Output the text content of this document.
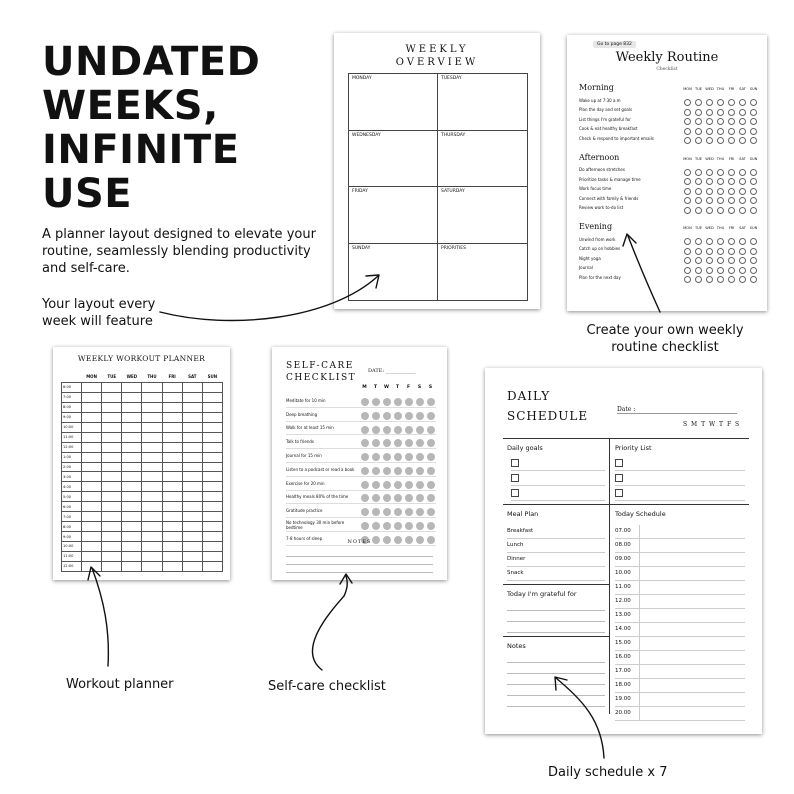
UNDATED
WEEKS,
INFINITE
USE
A planner layout designed to elevate your routine, seamlessly blending productivity and self-care.
Your layout every week will feature
Create your own weekly routine checklist
Workout planner	Self-care checklist
Daily schedule x 7
WEEKLY
OVERVIEW
MONDAY	TUESDAY
WEDNESDAY	THURSDAY
FRIDAY	SATURDAY
SUNDAY	PRIORITIES
Go to page 832
Weekly Routine
Checklist
Morning	MON TUE WED THU	FRI	SAT	SUN
Wake up at 7:30 a.m
Plan the day and set goals
List things I'm grateful for
Cook & eat healthy breakfast
Check & respond to important emails
Afternoon	MON TUE WED THU	FRI	SAT	SUN
Do afternoon stretches
Prioritize tasks & manage time
Work focus time
Connect with family & friends
Review work to-do list
Evening	MON TUE WED THU	FRI	SAT	SUN
Unwind from work
Catch up on hobbies
Night yoga
Journal
Plan for the next day
WEEKLY WORKOUT PLANNER
	MON	TUE	WED	THU	FRI	SAT	SUN
6:00							
7:00							
8:00							
9:00							
10:00							
11:00							
12:00							
1:00							
2:00							
3:00							
4:00							
5:00							
6:00							
7:00							
8:00							
9:00							
10:00							
11:00							
12:00							
SELF-CARE
CHECKLIST
DATE: ____________
M	T	W	T	F	S	S
Meditate for 10 min
Deep breathing
Walk for at least 15 min
Talk to friends
Journal for 15 min
Listen to a podcast or read a book
Exercise for 20 min
Healthy meals 80% of the time
Gratitude practice
No technology 30 min before bedtime
7-8 hours of sleep
NOTES
DAILY
SCHEDULE	Date :
S M T W T F S
Daily goals	Priority List
Meal Plan
Breakfast
Lunch
Dinner
Snack
Today I'm grateful for
Notes
Today Schedule
07.00
08.00
09.00
10.00
11.00
12.00
13.00
14.00
15.00
16.00
17.00
18.00
19.00
20.00
